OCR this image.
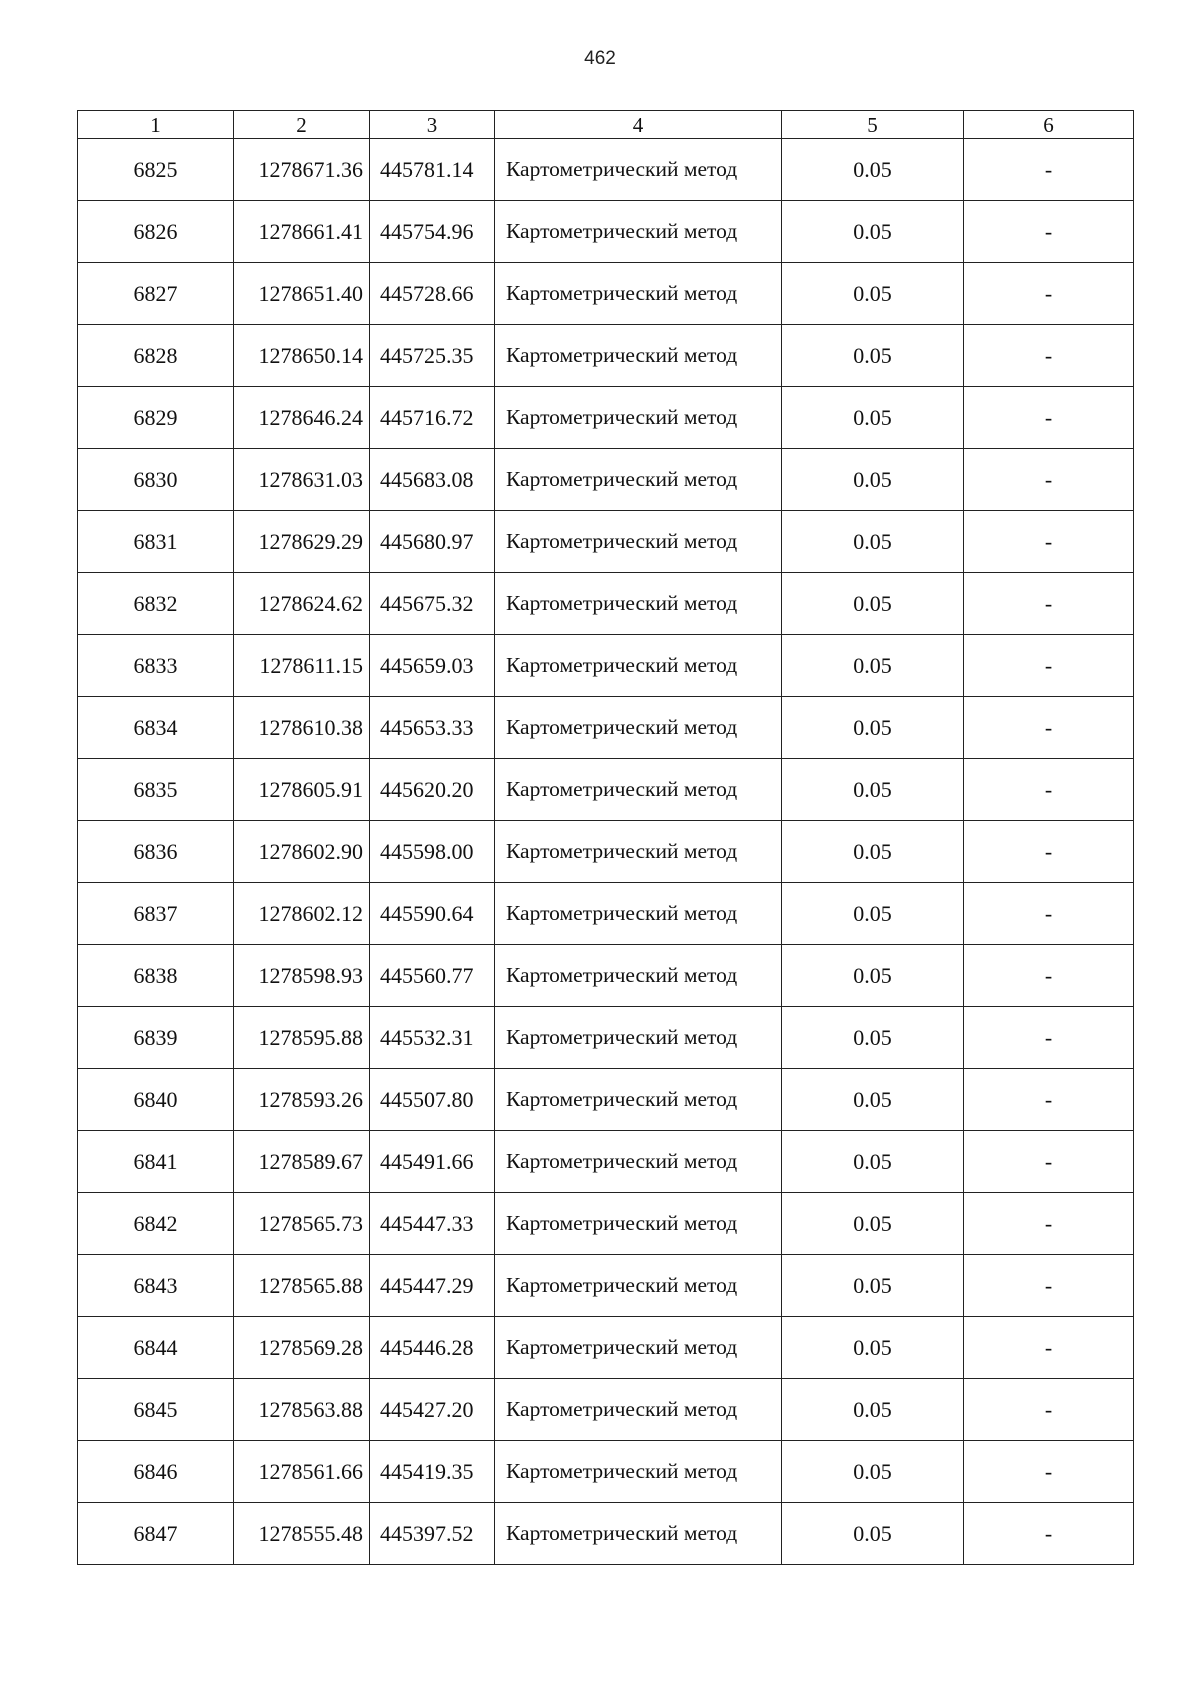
462
1	2	3	4	5	6
6825	1278671.36	445781.14	Картометрический метод	0.05	-
6826	1278661.41	445754.96	Картометрический метод	0.05	-
6827	1278651.40	445728.66	Картометрический метод	0.05	-
6828	1278650.14	445725.35	Картометрический метод	0.05	-
6829	1278646.24	445716.72	Картометрический метод	0.05	-
6830	1278631.03	445683.08	Картометрический метод	0.05	-
6831	1278629.29	445680.97	Картометрический метод	0.05	-
6832	1278624.62	445675.32	Картометрический метод	0.05	-
6833	1278611.15	445659.03	Картометрический метод	0.05	-
6834	1278610.38	445653.33	Картометрический метод	0.05	-
6835	1278605.91	445620.20	Картометрический метод	0.05	-
6836	1278602.90	445598.00	Картометрический метод	0.05	-
6837	1278602.12	445590.64	Картометрический метод	0.05	-
6838	1278598.93	445560.77	Картометрический метод	0.05	-
6839	1278595.88	445532.31	Картометрический метод	0.05	-
6840	1278593.26	445507.80	Картометрический метод	0.05	-
6841	1278589.67	445491.66	Картометрический метод	0.05	-
6842	1278565.73	445447.33	Картометрический метод	0.05	-
6843	1278565.88	445447.29	Картометрический метод	0.05	-
6844	1278569.28	445446.28	Картометрический метод	0.05	-
6845	1278563.88	445427.20	Картометрический метод	0.05	-
6846	1278561.66	445419.35	Картометрический метод	0.05	-
6847	1278555.48	445397.52	Картометрический метод	0.05	-
